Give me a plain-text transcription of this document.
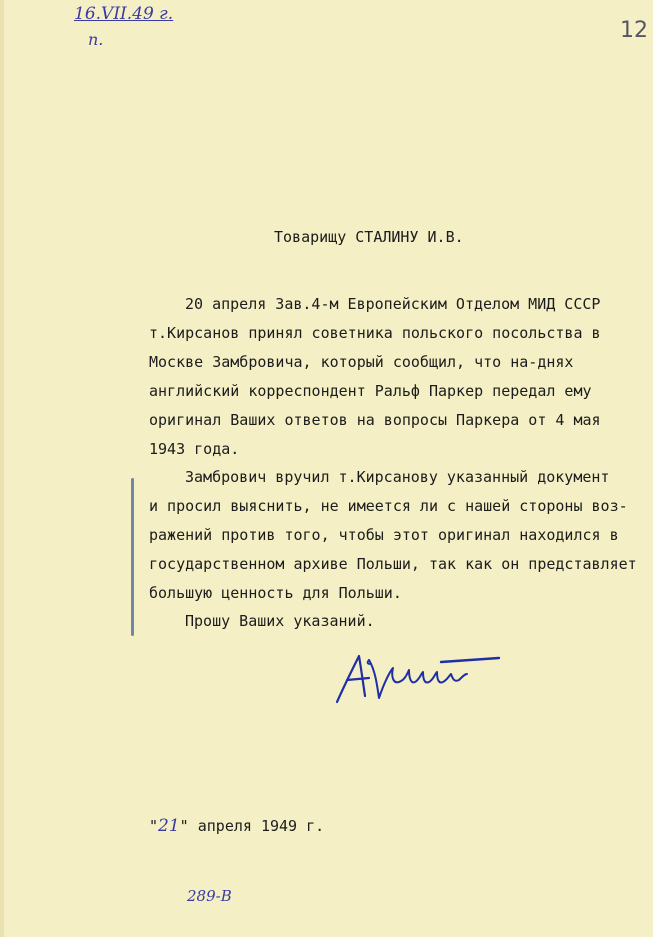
16.VII.49 г.
п.	12
Товарищу СТАЛИНУ И.В.
20 апреля Зав.4-м Европейским Отделом МИД СССР
т.Кирсанов принял советника польского посольства в
Москве Замбровича, который сообщил, что на-днях
английский корреспондент Ральф Паркер передал ему
оригинал Ваших ответов на вопросы Паркера от 4 мая
1943 года.
Замбрович вручил т.Кирсанову указанный документ
и просил выяснить, не имеется ли с нашей стороны воз-
ражений против того, чтобы этот оригинал находился в
государственном архиве Польши, так как он представляет
большую ценность для Польши.
Прошу Ваших указаний.
"21" апреля 1949 г.
289-В
